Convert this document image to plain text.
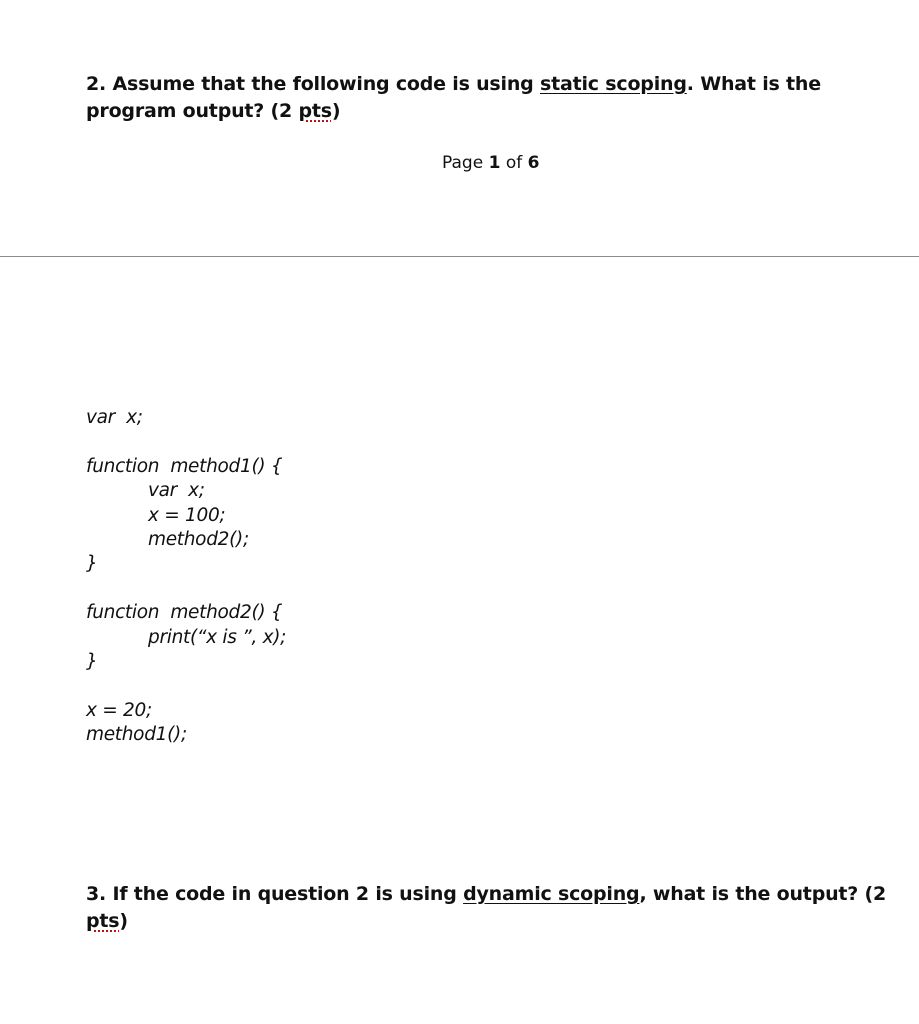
2. Assume that the following code is using static scoping. What is the program output? (2 pts)
Page 1 of 6
var  x;
function  method1() {
var  x;
x = 100;
method2();
}
function  method2() {
print(“x is ”, x);
}
x = 20;
method1();
3. If the code in question 2 is using dynamic scoping, what is the output? (2 pts)
